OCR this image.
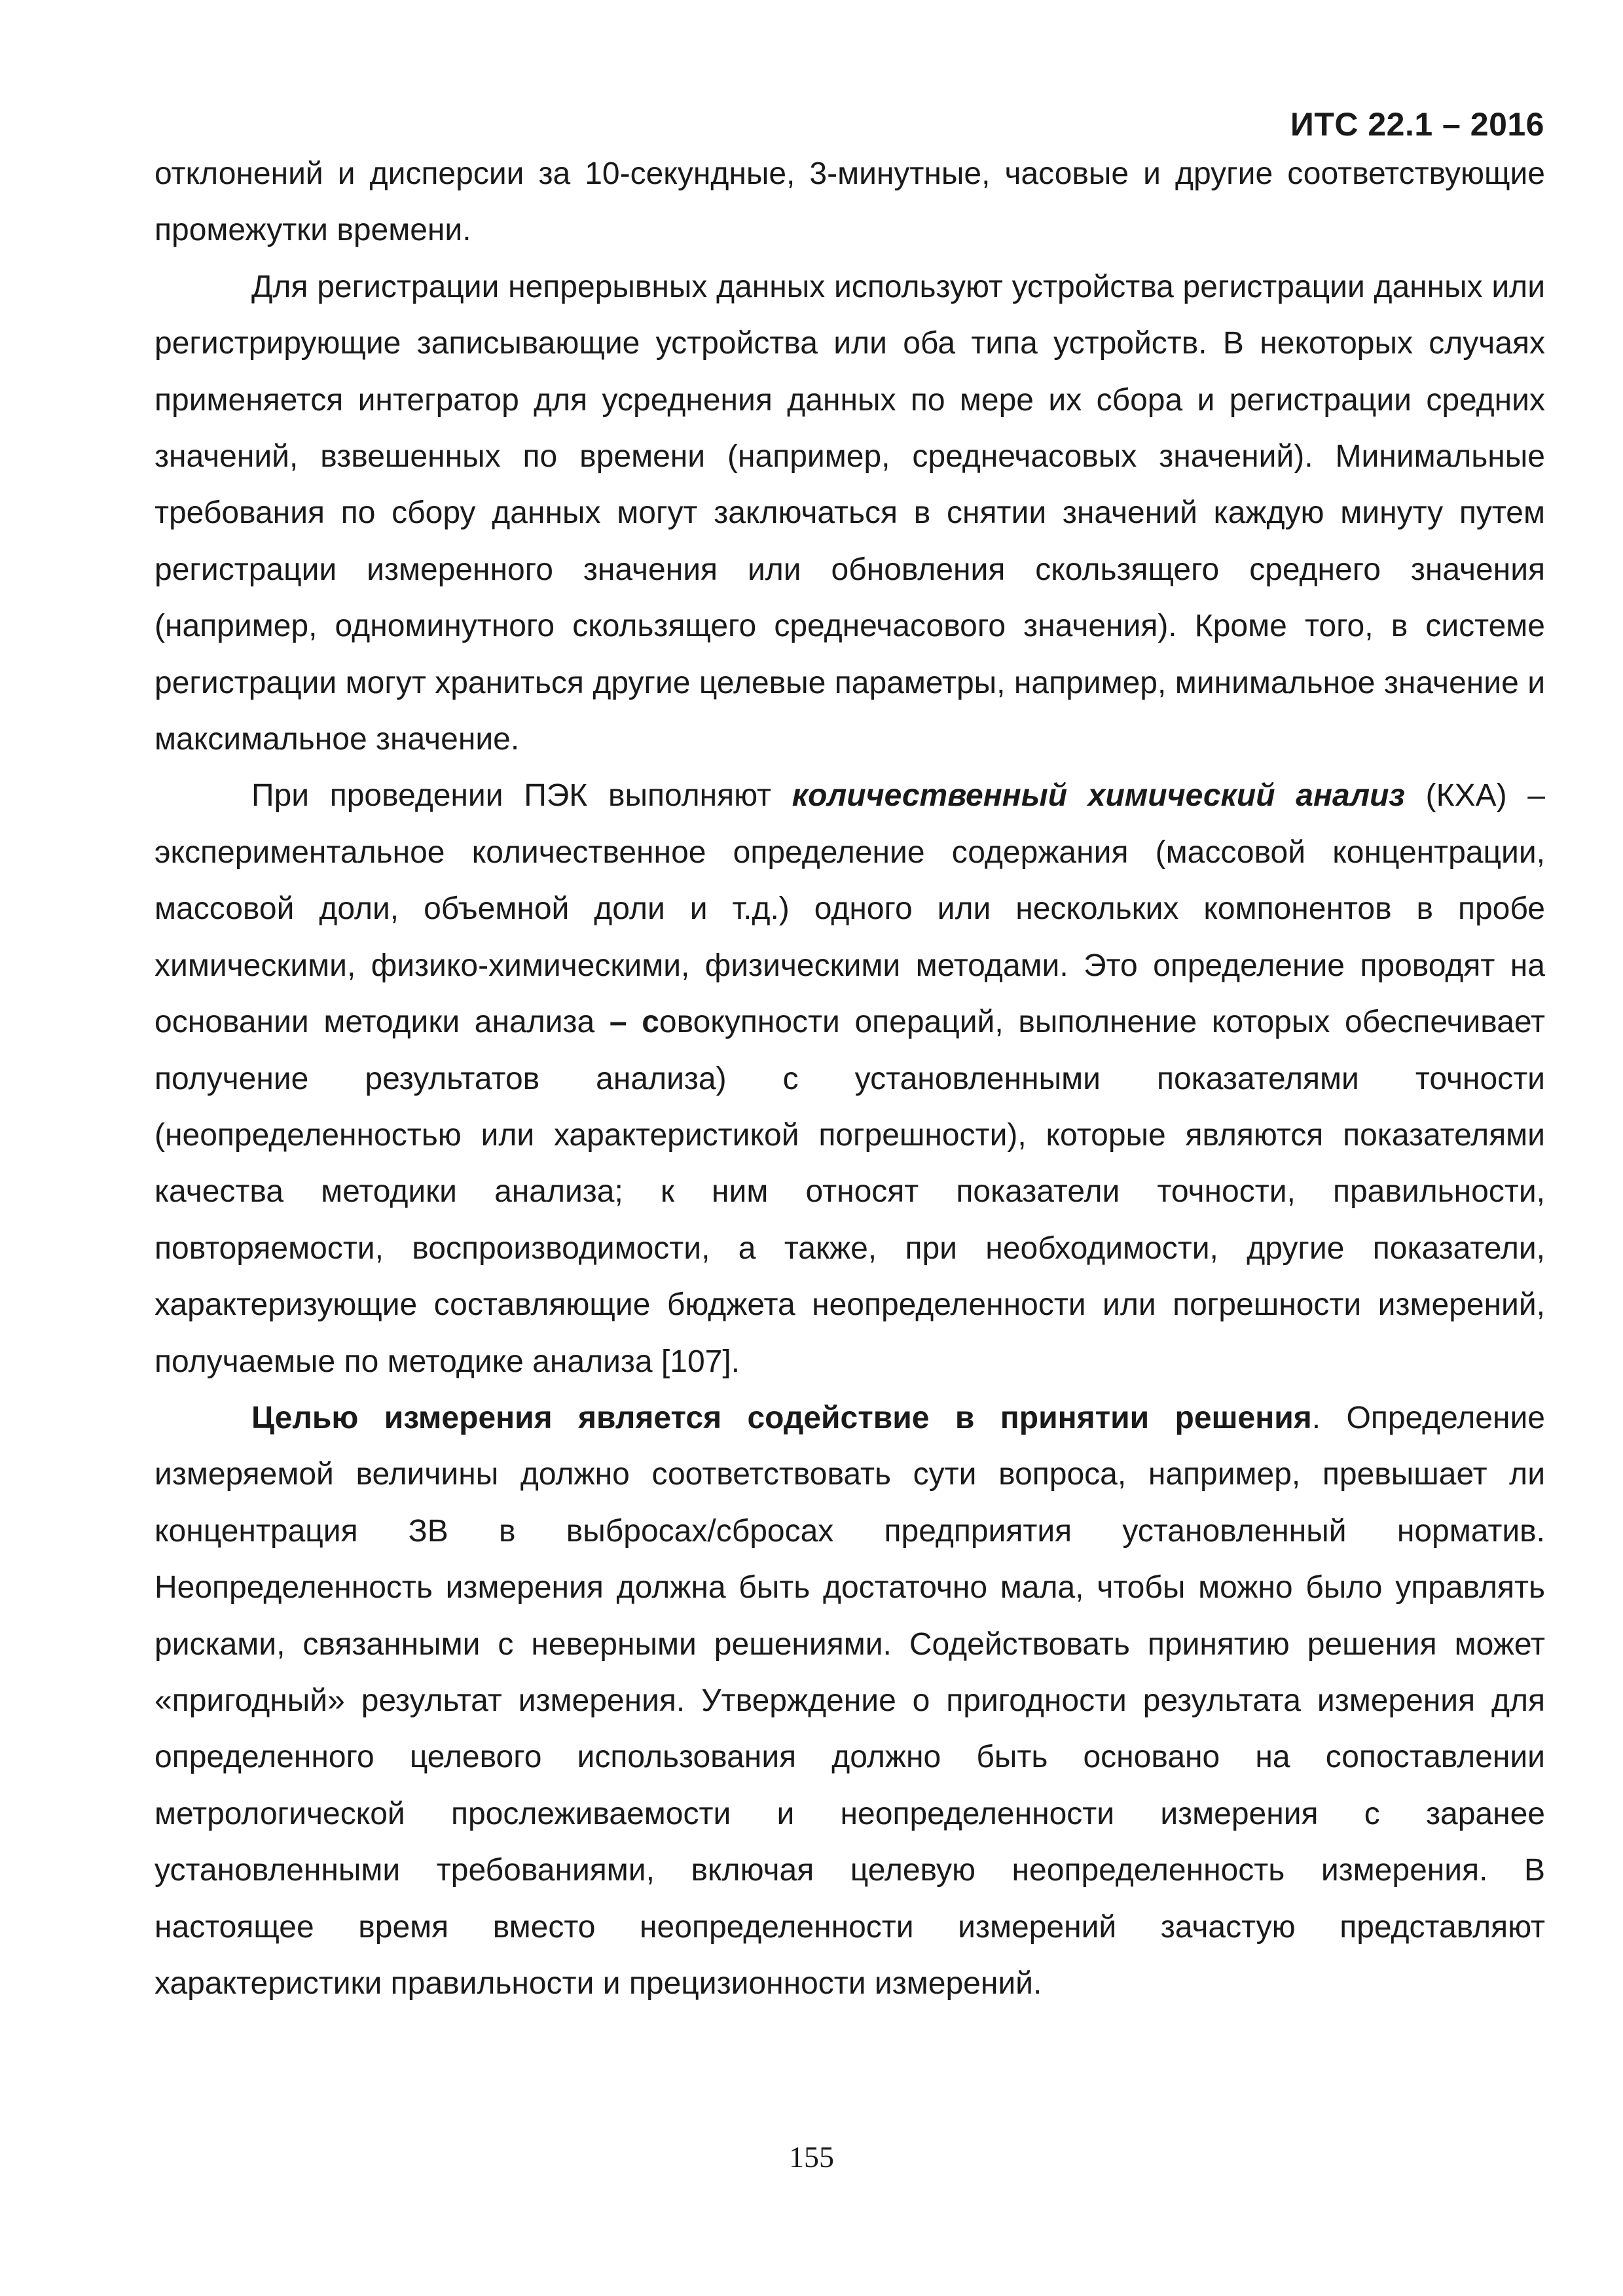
ИТС 22.1 – 2016

отклонений и дисперсии за 10-секундные, 3-минутные, часовые и другие соответствующие промежутки времени.

Для регистрации непрерывных данных используют устройства регистрации данных или регистрирующие записывающие устройства или оба типа устройств. В некоторых случаях применяется интегратор для усреднения данных по мере их сбора и регистрации средних значений, взвешенных по времени (например, среднечасовых значений). Минимальные требования по сбору данных могут заключаться в снятии значений каждую минуту путем регистрации измеренного значения или обновления скользящего среднего значения (например, одноминутного скользящего среднечасового значения). Кроме того, в системе регистрации могут храниться другие целевые параметры, например, минимальное значение и максимальное значение.

При проведении ПЭК выполняют количественный химический анализ (КХА) – экспериментальное количественное определение содержания (массовой концентрации, массовой доли, объемной доли и т.д.) одного или нескольких компонентов в пробе химическими, физико-химическими, физическими методами. Это определение проводят на основании методики анализа – совокупности операций, выполнение которых обеспечивает получение результатов анализа) с установленными показателями точности (неопределенностью или характеристикой погрешности), которые являются показателями качества методики анализа; к ним относят показатели точности, правильности, повторяемости, воспроизводимости, а также, при необходимости, другие показатели, характеризующие составляющие бюджета неопределенности или погрешности измерений, получаемые по методике анализа [107].

Целью измерения является содействие в принятии решения. Определение измеряемой величины должно соответствовать сути вопроса, например, превышает ли концентрация ЗВ в выбросах/сбросах предприятия установленный норматив. Неопределенность измерения должна быть достаточно мала, чтобы можно было управлять рисками, связанными с неверными решениями. Содействовать принятию решения может «пригодный» результат измерения. Утверждение о пригодности результата измерения для определенного целевого использования должно быть основано на сопоставлении метрологической прослеживаемости и неопределенности измерения с заранее установленными требованиями, включая целевую неопределенность измерения. В настоящее время вместо неопределенности измерений зачастую представляют характеристики правильности и прецизионности измерений.

155
